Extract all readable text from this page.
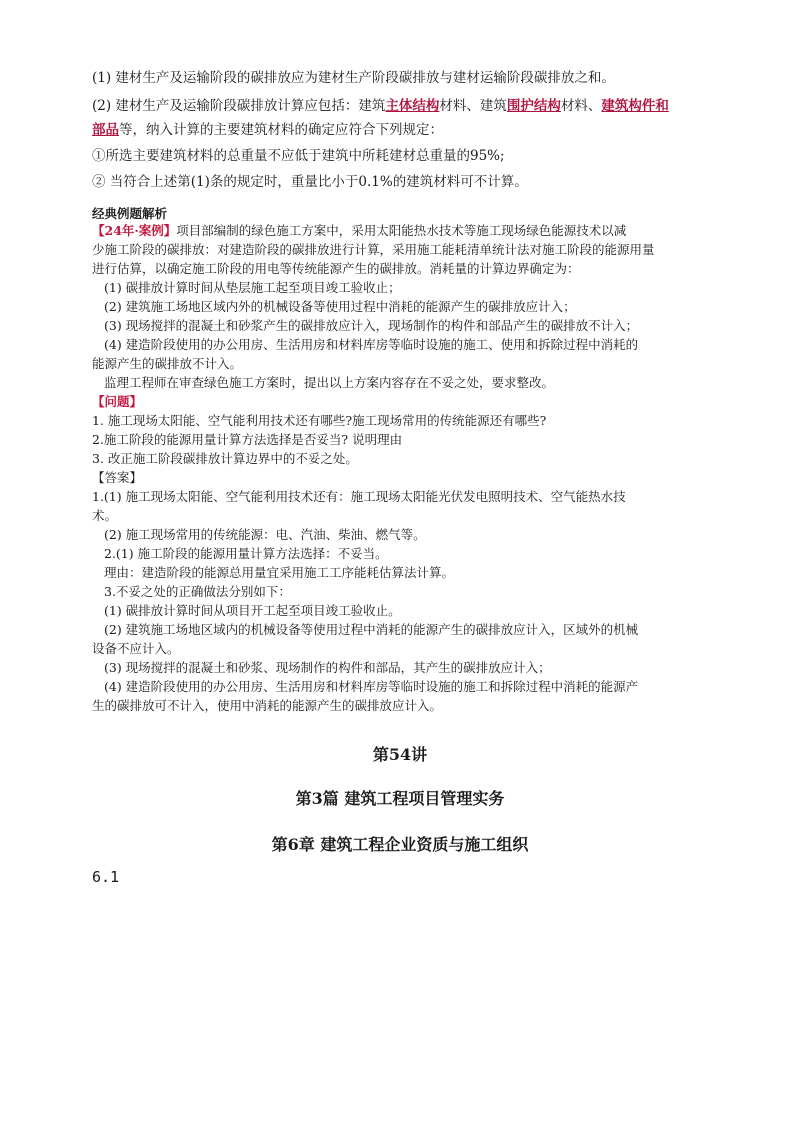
(1) 建材生产及运输阶段的碳排放应为建材生产阶段碳排放与建材运输阶段碳排放之和。
(2) 建材生产及运输阶段碳排放计算应包括：建筑主体结构材料、建筑围护结构材料、建筑构件和
部品等，纳入计算的主要建筑材料的确定应符合下列规定：
①所选主要建筑材料的总重量不应低于建筑中所耗建材总重量的95%;
② 当符合上述第(1)条的规定时，重量比小于0.1%的建筑材料可不计算。
经典例题解析
【24年·案例】项目部编制的绿色施工方案中，采用太阳能热水技术等施工现场绿色能源技术以减
少施工阶段的碳排放：对建造阶段的碳排放进行计算，采用施工能耗清单统计法对施工阶段的能源用量
进行估算，以确定施工阶段的用电等传统能源产生的碳排放。消耗量的计算边界确定为：
(1) 碳排放计算时间从垫层施工起至项目竣工验收止；
(2) 建筑施工场地区域内外的机械设备等使用过程中消耗的能源产生的碳排放应计入；
(3) 现场搅拌的混凝土和砂浆产生的碳排放应计入，现场制作的构件和部品产生的碳排放不计入；
(4) 建造阶段使用的办公用房、生活用房和材料库房等临时设施的施工、使用和拆除过程中消耗的
能源产生的碳排放不计入。
监理工程师在审查绿色施工方案时，提出以上方案内容存在不妥之处，要求整改。
【问题】
1. 施工现场太阳能、空气能利用技术还有哪些?施工现场常用的传统能源还有哪些?
2.施工阶段的能源用量计算方法选择是否妥当? 说明理由
3. 改正施工阶段碳排放计算边界中的不妥之处。
【答案】
1.(1) 施工现场太阳能、空气能利用技术还有：施工现场太阳能光伏发电照明技术、空气能热水技
术。
(2) 施工现场常用的传统能源：电、汽油、柴油、燃气等。
2.(1) 施工阶段的能源用量计算方法选择：不妥当。
理由：建造阶段的能源总用量宜采用施工工序能耗估算法计算。
3.不妥之处的正确做法分别如下：
(1) 碳排放计算时间从项目开工起至项目竣工验收止。
(2) 建筑施工场地区域内的机械设备等使用过程中消耗的能源产生的碳排放应计入，区域外的机械
设备不应计入。
(3) 现场搅拌的混凝土和砂浆、现场制作的构件和部品，其产生的碳排放应计入；
(4) 建造阶段使用的办公用房、生活用房和材料库房等临时设施的施工和拆除过程中消耗的能源产
生的碳排放可不计入，使用中消耗的能源产生的碳排放应计入。
第54讲
第3篇 建筑工程项目管理实务
第6章 建筑工程企业资质与施工组织
6.1
